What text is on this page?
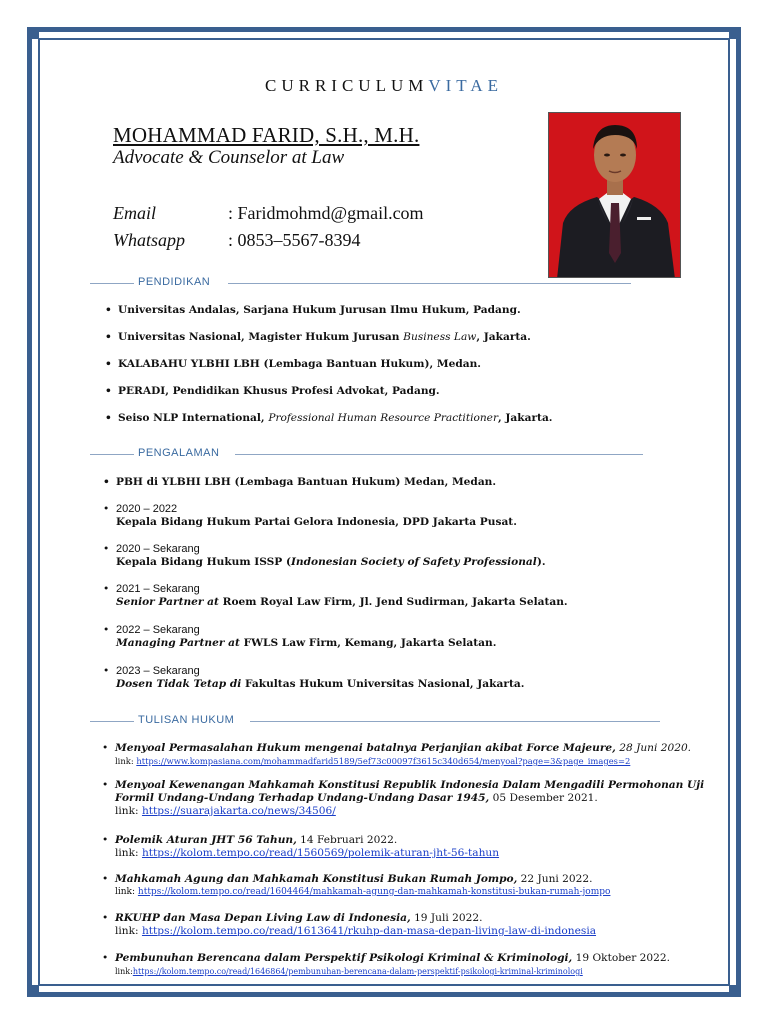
CURRICULUMVITAE
MOHAMMAD FARID, S.H., M.H.
Advocate & Counselor at Law
Email	: Faridmohmd@gmail.com
Whatsapp : 0853–5567-8394
PENDIDIKAN
• Universitas Andalas, Sarjana Hukum Jurusan Ilmu Hukum, Padang.
• Universitas Nasional, Magister Hukum Jurusan Business Law, Jakarta.
• KALABAHU YLBHI LBH (Lembaga Bantuan Hukum), Medan.
• PERADI, Pendidikan Khusus Profesi Advokat, Padang.
• Seiso NLP International, Professional Human Resource Practitioner, Jakarta.
PENGALAMAN
• PBH di YLBHI LBH (Lembaga Bantuan Hukum) Medan, Medan.
• 2020 – 2022
Kepala Bidang Hukum Partai Gelora Indonesia, DPD Jakarta Pusat.
• 2020 – Sekarang
Kepala Bidang Hukum ISSP (Indonesian Society of Safety Professional).
• 2021 – Sekarang
Senior Partner at Roem Royal Law Firm, Jl. Jend Sudirman, Jakarta Selatan.
• 2022 – Sekarang
Managing Partner at FWLS Law Firm, Kemang, Jakarta Selatan.
• 2023 – Sekarang
Dosen Tidak Tetap di Fakultas Hukum Universitas Nasional, Jakarta.
TULISAN HUKUM
• Menyoal Permasalahan Hukum mengenai batalnya Perjanjian akibat Force Majeure, 28 Juni 2020.
link: https://www.kompasiana.com/mohammadfarid5189/5ef73c00097f3615c340d654/menyoal?page=3&page_images=2
• Menyoal Kewenangan Mahkamah Konstitusi Republik Indonesia Dalam Mengadili Permohonan Uji
Formil Undang-Undang Terhadap Undang-Undang Dasar 1945, 05 Desember 2021.
link: https://suarajakarta.co/news/34506/
• Polemik Aturan JHT 56 Tahun, 14 Februari 2022.
link: https://kolom.tempo.co/read/1560569/polemik-aturan-jht-56-tahun
• Mahkamah Agung dan Mahkamah Konstitusi Bukan Rumah Jompo, 22 Juni 2022.
link: https://kolom.tempo.co/read/1604464/mahkamah-agung-dan-mahkamah-konstitusi-bukan-rumah-jompo
• RKUHP dan Masa Depan Living Law di Indonesia, 19 Juli 2022.
link: https://kolom.tempo.co/read/1613641/rkuhp-dan-masa-depan-living-law-di-indonesia
• Pembunuhan Berencana dalam Perspektif Psikologi Kriminal & Kriminologi, 19 Oktober 2022.
link:https://kolom.tempo.co/read/1646864/pembunuhan-berencana-dalam-perspektif-psikologi-kriminal-kriminologi
